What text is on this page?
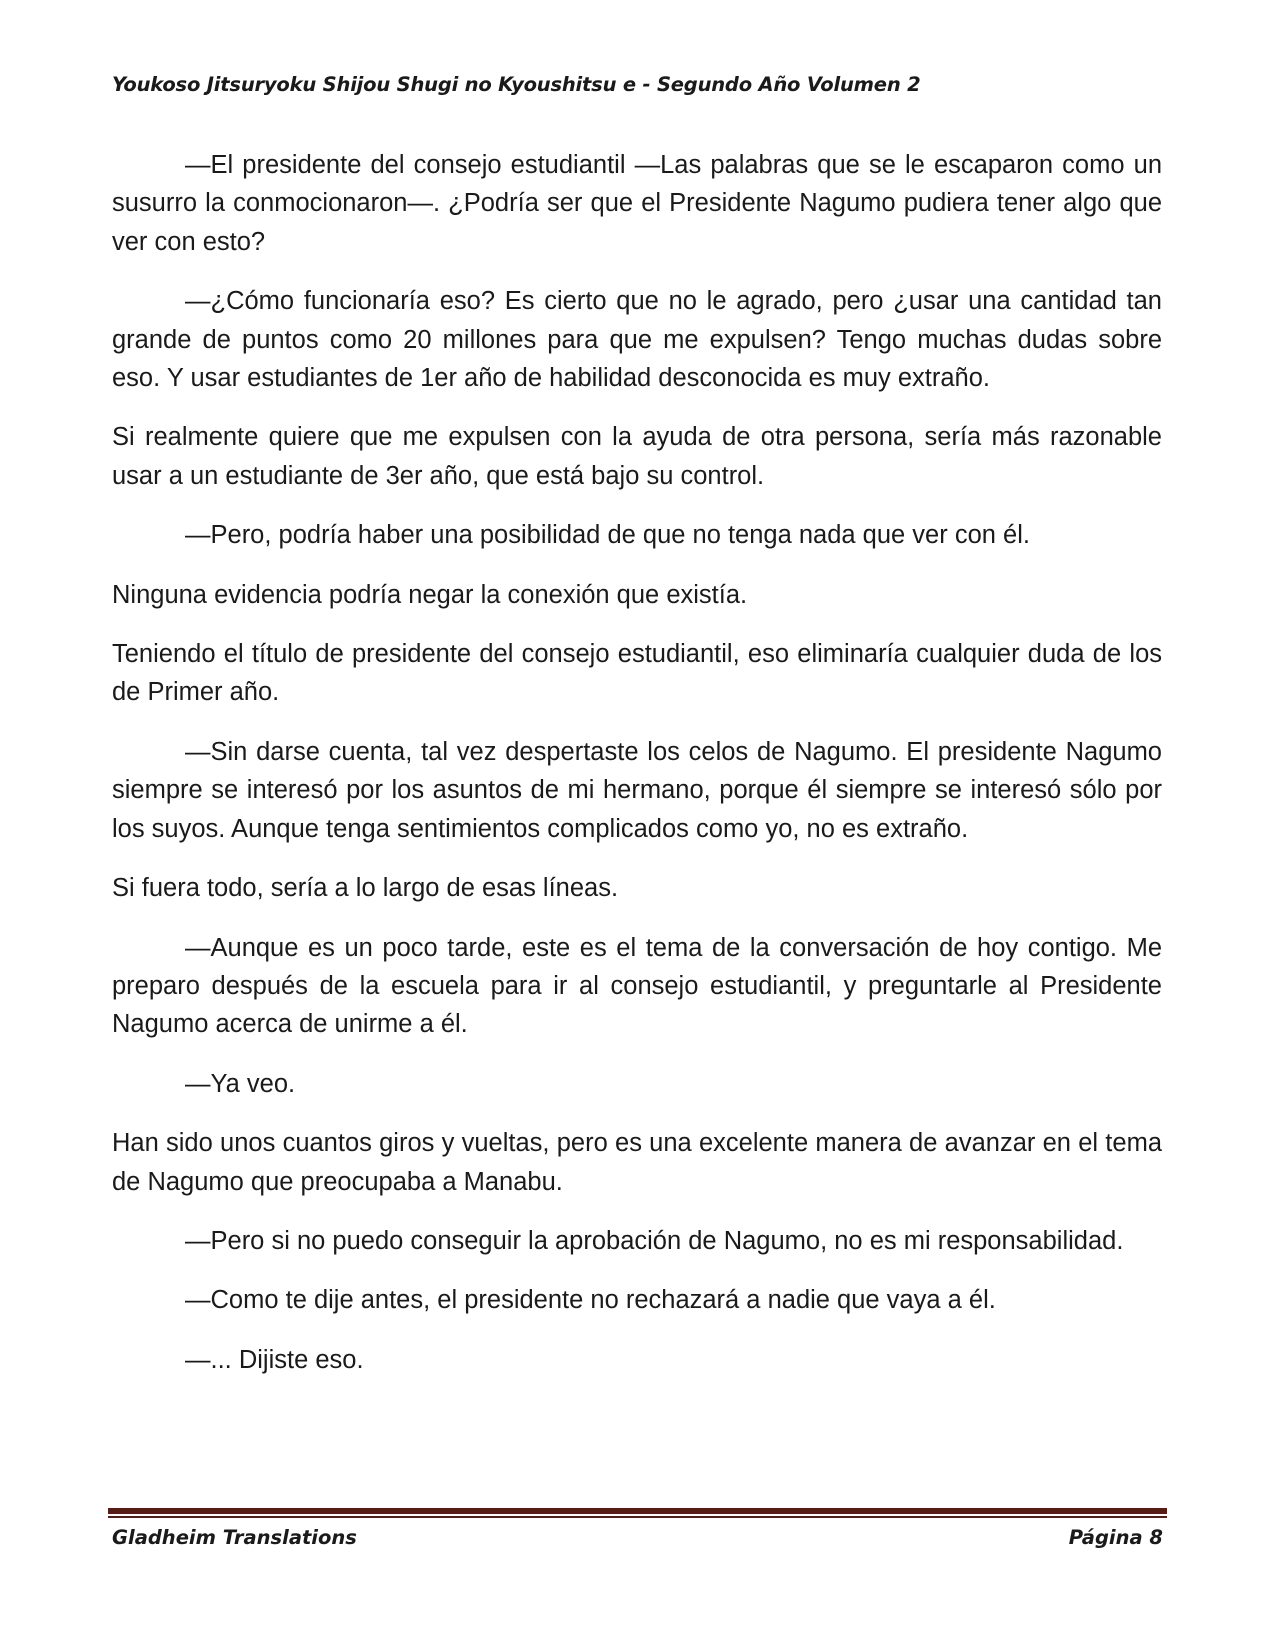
Youkoso Jitsuryoku Shijou Shugi no Kyoushitsu e - Segundo Año Volumen 2

—El presidente del consejo estudiantil —Las palabras que se le escaparon como un susurro la conmocionaron—. ¿Podría ser que el Presidente Nagumo pudiera tener algo que ver con esto?

—¿Cómo funcionaría eso? Es cierto que no le agrado, pero ¿usar una cantidad tan grande de puntos como 20 millones para que me expulsen? Tengo muchas dudas sobre eso. Y usar estudiantes de 1er año de habilidad desconocida es muy extraño.

Si realmente quiere que me expulsen con la ayuda de otra persona, sería más razonable usar a un estudiante de 3er año, que está bajo su control.

—Pero, podría haber una posibilidad de que no tenga nada que ver con él.

Ninguna evidencia podría negar la conexión que existía.

Teniendo el título de presidente del consejo estudiantil, eso eliminaría cualquier duda de los de Primer año.

—Sin darse cuenta, tal vez despertaste los celos de Nagumo. El presidente Nagumo siempre se interesó por los asuntos de mi hermano, porque él siempre se interesó sólo por los suyos. Aunque tenga sentimientos complicados como yo, no es extraño.

Si fuera todo, sería a lo largo de esas líneas.

—Aunque es un poco tarde, este es el tema de la conversación de hoy contigo. Me preparo después de la escuela para ir al consejo estudiantil, y preguntarle al Presidente Nagumo acerca de unirme a él.

—Ya veo.

Han sido unos cuantos giros y vueltas, pero es una excelente manera de avanzar en el tema de Nagumo que preocupaba a Manabu.

—Pero si no puedo conseguir la aprobación de Nagumo, no es mi responsabilidad.

—Como te dije antes, el presidente no rechazará a nadie que vaya a él.

—... Dijiste eso.

Gladheim Translations	Página 8
